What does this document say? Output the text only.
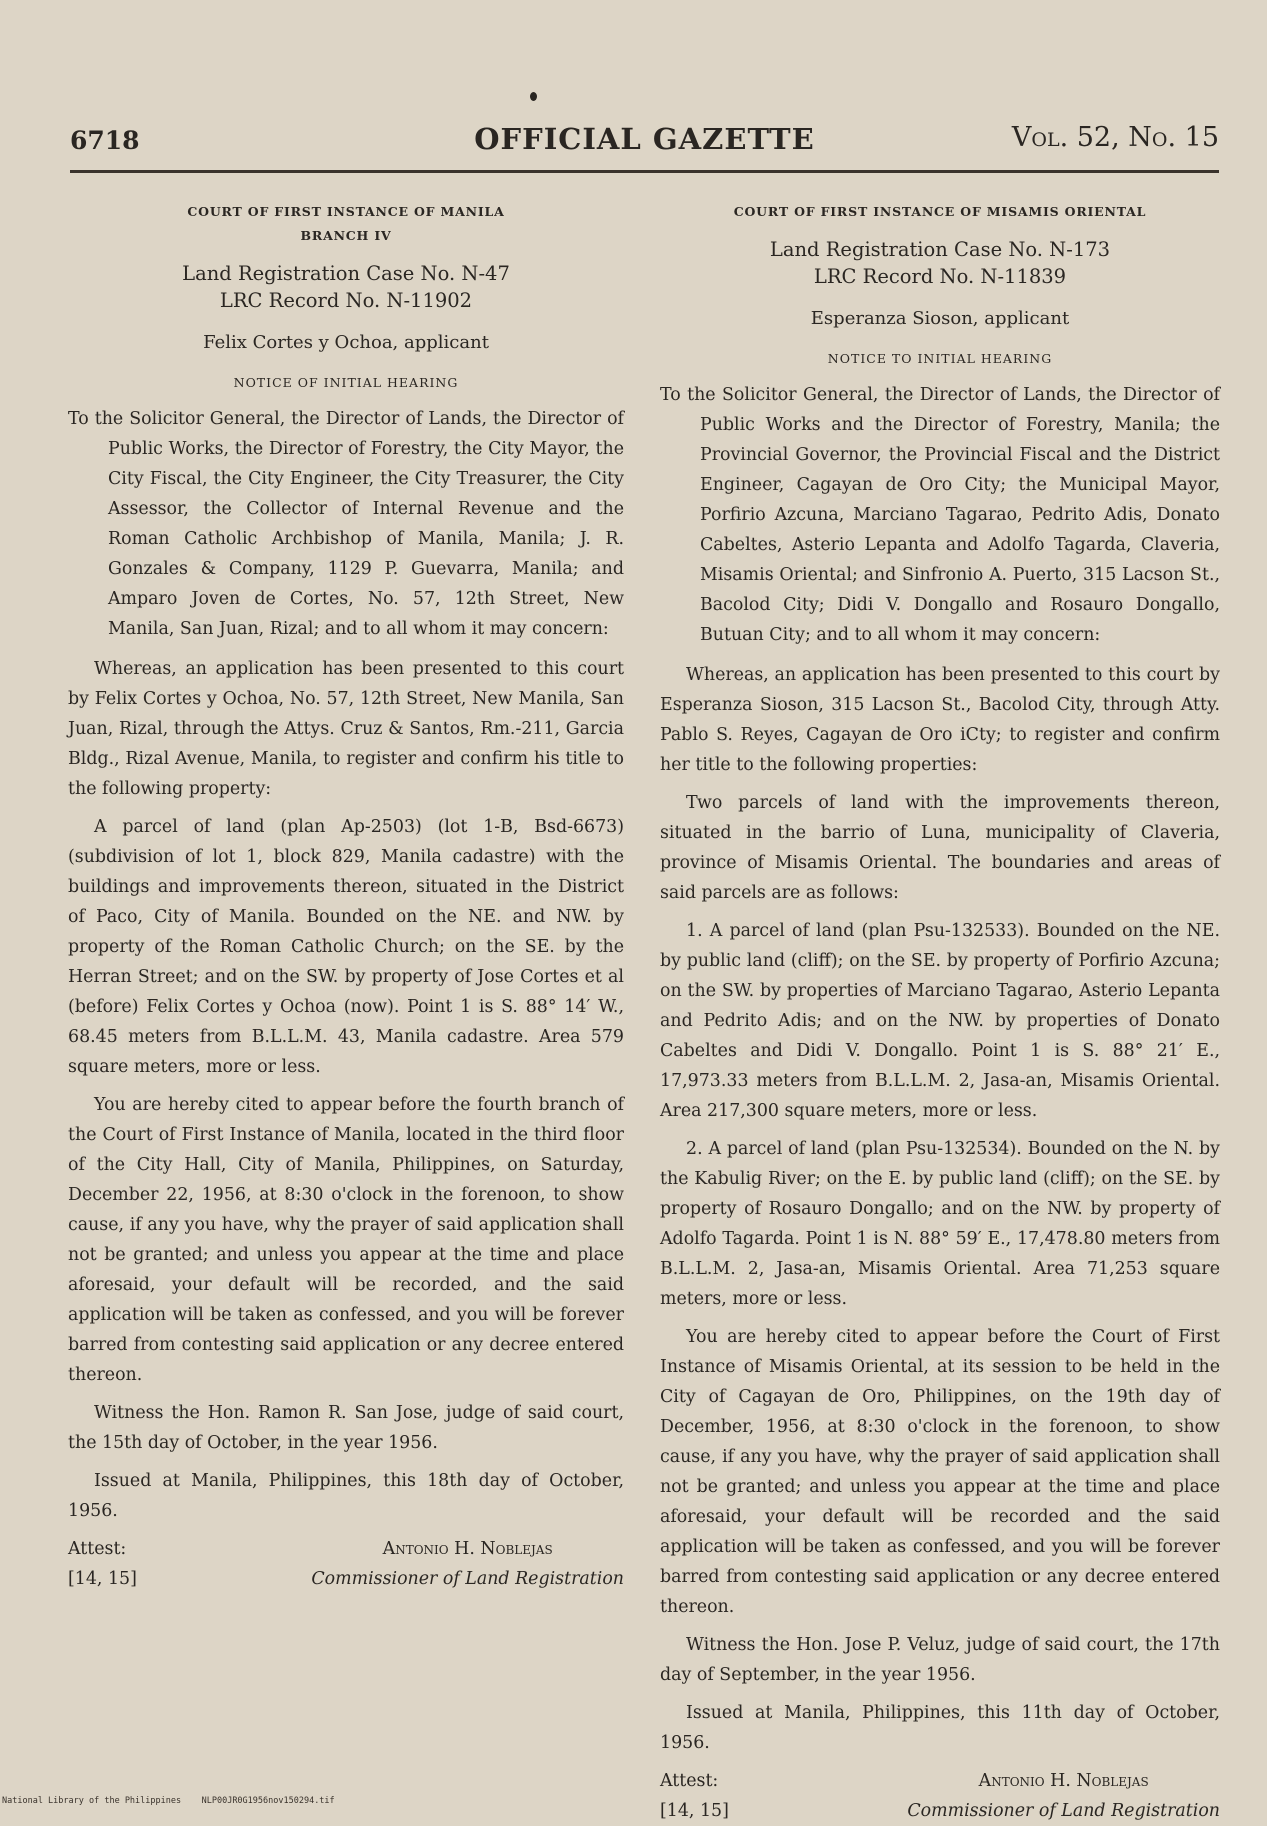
6718	OFFICIAL GAZETTE	Vol. 52, No. 15
COURT OF FIRST INSTANCE OF MANILA
BRANCH IV
Land Registration Case No. N-47
LRC Record No. N-11902
Felix Cortes y Ochoa, applicant
NOTICE OF INITIAL HEARING

To the Solicitor General, the Director of Lands, the Director of Public Works, the Director of Forestry, the City Mayor, the City Fiscal, the City Engineer, the City Treasurer, the City Assessor, the Collector of Internal Revenue and the Roman Catholic Archbishop of Manila, Manila; J. R. Gonzales & Company, 1129 P. Guevarra, Manila; and Amparo Joven de Cortes, No. 57, 12th Street, New Manila, San Juan, Rizal; and to all whom it may concern:

Whereas, an application has been presented to this court by Felix Cortes y Ochoa, No. 57, 12th Street, New Manila, San Juan, Rizal, through the Attys. Cruz & Santos, Rm.-211, Garcia Bldg., Rizal Avenue, Manila, to register and confirm his title to the following property:

A parcel of land (plan Ap-2503) (lot 1-B, Bsd-6673) (subdivision of lot 1, block 829, Manila cadastre) with the buildings and improvements thereon, situated in the District of Paco, City of Manila. Bounded on the NE. and NW. by property of the Roman Catholic Church; on the SE. by the Herran Street; and on the SW. by property of Jose Cortes et al (before) Felix Cortes y Ochoa (now). Point 1 is S. 88° 14′ W., 68.45 meters from B.L.L.M. 43, Manila cadastre. Area 579 square meters, more or less.

You are hereby cited to appear before the fourth branch of the Court of First Instance of Manila, located in the third floor of the City Hall, City of Manila, Philippines, on Saturday, December 22, 1956, at 8:30 o'clock in the forenoon, to show cause, if any you have, why the prayer of said application shall not be granted; and unless you appear at the time and place aforesaid, your default will be recorded, and the said application will be taken as confessed, and you will be forever barred from contesting said application or any decree entered thereon.

Witness the Hon. Ramon R. San Jose, judge of said court, the 15th day of October, in the year 1956.

Issued at Manila, Philippines, this 18th day of October, 1956.

Attest:
[14, 15]
Antonio H. Noblejas
Commissioner of Land Registration
COURT OF FIRST INSTANCE OF MISAMIS ORIENTAL
Land Registration Case No. N-173
LRC Record No. N-11839
Esperanza Sioson, applicant
NOTICE TO INITIAL HEARING

To the Solicitor General, the Director of Lands, the Director of Public Works and the Director of Forestry, Manila; the Provincial Governor, the Provincial Fiscal and the District Engineer, Cagayan de Oro City; the Municipal Mayor, Porfirio Azcuna, Marciano Tagarao, Pedrito Adis, Donato Cabeltes, Asterio Lepanta and Adolfo Tagarda, Claveria, Misamis Oriental; and Sinfronio A. Puerto, 315 Lacson St., Bacolod City; Didi V. Dongallo and Rosauro Dongallo, Butuan City; and to all whom it may concern:

Whereas, an application has been presented to this court by Esperanza Sioson, 315 Lacson St., Bacolod City, through Atty. Pablo S. Reyes, Cagayan de Oro iCty; to register and confirm her title to the following properties:

Two parcels of land with the improvements thereon, situated in the barrio of Luna, municipality of Claveria, province of Misamis Oriental. The boundaries and areas of said parcels are as follows:

1. A parcel of land (plan Psu-132533). Bounded on the NE. by public land (cliff); on the SE. by property of Porfirio Azcuna; on the SW. by properties of Marciano Tagarao, Asterio Lepanta and Pedrito Adis; and on the NW. by properties of Donato Cabeltes and Didi V. Dongallo. Point 1 is S. 88° 21′ E., 17,973.33 meters from B.L.L.M. 2, Jasa-an, Misamis Oriental. Area 217,300 square meters, more or less.

2. A parcel of land (plan Psu-132534). Bounded on the N. by the Kabulig River; on the E. by public land (cliff); on the SE. by property of Rosauro Dongallo; and on the NW. by property of Adolfo Tagarda. Point 1 is N. 88° 59′ E., 17,478.80 meters from B.L.L.M. 2, Jasa-an, Misamis Oriental. Area 71,253 square meters, more or less.

You are hereby cited to appear before the Court of First Instance of Misamis Oriental, at its session to be held in the City of Cagayan de Oro, Philippines, on the 19th day of December, 1956, at 8:30 o'clock in the forenoon, to show cause, if any you have, why the prayer of said application shall not be granted; and unless you appear at the time and place aforesaid, your default will be recorded and the said application will be taken as confessed, and you will be forever barred from contesting said application or any decree entered thereon.

Witness the Hon. Jose P. Veluz, judge of said court, the 17th day of September, in the year 1956.

Issued at Manila, Philippines, this 11th day of October, 1956.

Attest:
[14, 15]
Antonio H. Noblejas
Commissioner of Land Registration
National Library of the Philippines NLP00JR0G1956nov150294.tif
